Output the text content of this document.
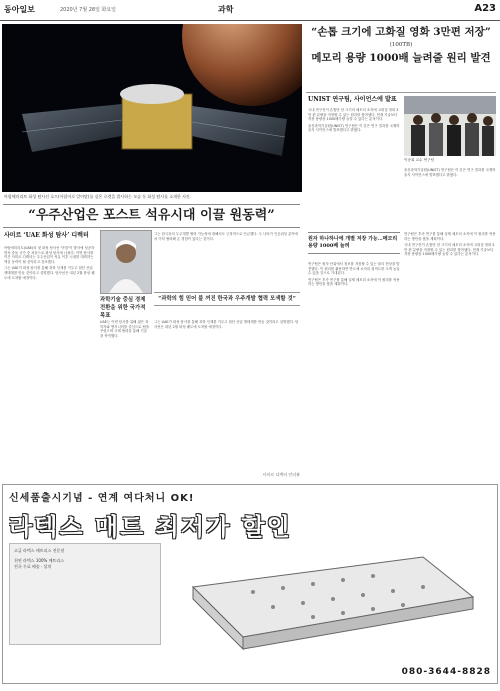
동아일보	2020년 7월 28일 화요일	과학	A23
아랍에미리트 화성 탐사선 호프(아랍어로 알아말)를 실은 로켓을 발사하는 모습 등 화성 탐사를 소개한 사진.
“우주산업은 포스트 석유시대 이끌 원동력”
사미르 ‘UAE 화성 탐사’ 디렉터

아랍에미리트(UAE)의 첫 화성 탐사선 ‘아말’이 발사에 성공하면서 중동 국가 중 처음으로 화성 탐사에 나섰다. 이번 탐사를 이끈 사미르 디렉터는 우주산업이 석유 이후 시대를 대비하는 핵심 동력이 될 것이라고 강조했다.

그는 UAE가 화성 탐사를 통해 과학 인재를 키우고 첨단 산업 생태계를 만들 것이라고 설명했다. 탐사선은 내년 2월 화성 궤도에 도착할 예정이다.

과학기술 중심 경제 전환을 위한 국가적 목표

UAE는 이번 탐사를 위해 젊은 과학자와 엔지니어를 중심으로 팀을 꾸렸으며 국제 협력을 통해 기술을 축적했다.

그는 한국과의 우주개발 협력 가능성에 대해서도 긍정적으로 언급했다. 두 나라가 인공위성 분야에서 이미 협력해 온 경험이 있다는 것이다.

“과학의 힘 믿어 불 꺼진 한국과 우주개발 협력 모색할 것”

그는 UAE가 화성 탐사를 통해 과학 인재를 키우고 첨단 산업 생태계를 만들 것이라고 설명했다. 탐사선은 내년 2월 화성 궤도에 도착할 예정이다.

사미르 디렉터 인터뷰
“손톱 크기에 고화질 영화 3만편 저장”
(100TB)
메모리 용량 1000배 늘려줄 원리 발견
UNIST 연구팀, 사이언스에 발표

국내 연구진이 손톱만 한 크기의 메모리 소자에 고화질 영화 3만 편 분량을 저장할 수 있는 원리를 찾아냈다. 현재 기술보다 저장 용량을 1000배가량 늘릴 수 있다는 분석이다.

울산과학기술원(UNIST) 연구팀은 이 같은 연구 결과를 국제학술지 사이언스에 발표했다고 밝혔다.

이준희 교수 연구팀

울산과학기술원(UNIST) 연구팀은 이 같은 연구 결과를 국제학술지 사이언스에 발표했다고 밝혔다.

원자 하나하나에 개별 저장 가능…메모리 용량 1000배 늘려

연구팀은 원자 단위에서 정보를 저장할 수 있는 물리 현상을 발견했다. 이 원리를 활용하면 반도체 소자의 집적도를 크게 높일 수 있을 것으로 기대된다.

연구팀은 후속 연구를 통해 실제 메모리 소자에 이 원리를 적용하는 방안을 찾을 계획이다.

연구팀은 후속 연구를 통해 실제 메모리 소자에 이 원리를 적용하는 방안을 찾을 계획이다.

국내 연구진이 손톱만 한 크기의 메모리 소자에 고화질 영화 3만 편 분량을 저장할 수 있는 원리를 찾아냈다. 현재 기술보다 저장 용량을 1000배가량 늘릴 수 있다는 분석이다.

신세품출시기념 - 연계 여다처니 OK!
라텍스 매트 최저가 할인
고급 라텍스 매트리스 전문점
천연 라텍스 100% 매트리스
전국 무료 배송 · 설치
080-3644-8828
